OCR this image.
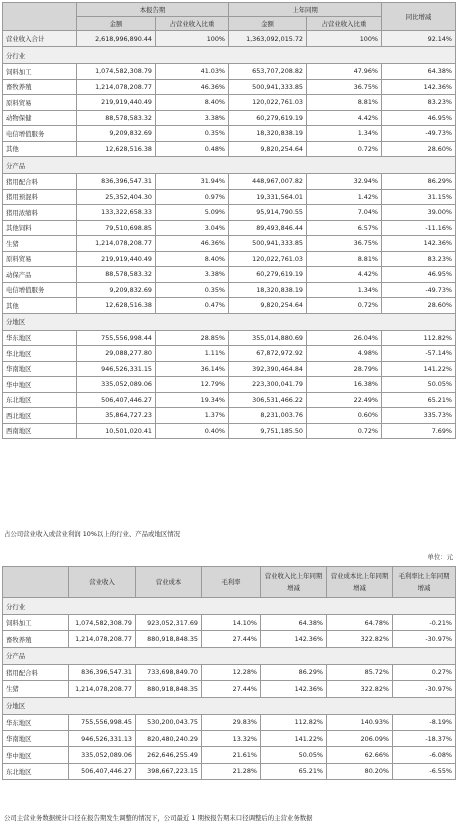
	本报告期		上年同期		同比增减
	金额	占营业收入比重	金额	占营业收入比重	
营业收入合计	2,618,996,890.44	100%	1,363,092,015.72	100%	92.14%
分行业					
饲料加工	1,074,582,308.79	41.03%	653,707,208.82	47.96%	64.38%
畜牧养殖	1,214,078,208.77	46.36%	500,941,333.85	36.75%	142.36%
原料贸易	219,919,440.49	8.40%	120,022,761.03	8.81%	83.23%
动物保健	88,578,583.32	3.38%	60,279,619.19	4.42%	46.95%
电信增值服务	9,209,832.69	0.35%	18,320,838.19	1.34%	-49.73%
其他	12,628,516.38	0.48%	9,820,254.64	0.72%	28.60%
分产品					
猪用配合料	836,396,547.31	31.94%	448,967,007.82	32.94%	86.29%
猪用预混料	25,352,404.30	0.97%	19,331,564.01	1.42%	31.15%
猪用浓缩料	133,322,658.33	5.09%	95,914,790.55	7.04%	39.00%
其他饲料	79,510,698.85	3.04%	89,493,846.44	6.57%	-11.16%
生猪	1,214,078,208.77	46.36%	500,941,333.85	36.75%	142.36%
原料贸易	219,919,440.49	8.40%	120,022,761.03	8.81%	83.23%
动保产品	88,578,583.32	3.38%	60,279,619.19	4.42%	46.95%
电信增值服务	9,209,832.69	0.35%	18,320,838.19	1.34%	-49.73%
其他	12,628,516.38	0.47%	9,820,254.64	0.72%	28.60%
分地区					
华东地区	755,556,998.44	28.85%	355,014,880.69	26.04%	112.82%
华北地区	29,088,277.80	1.11%	67,872,972.92	4.98%	-57.14%
华南地区	946,526,331.15	36.14%	392,390,464.84	28.79%	141.22%
华中地区	335,052,089.06	12.79%	223,300,041.79	16.38%	50.05%
东北地区	506,407,446.27	19.34%	306,531,466.22	22.49%	65.21%
西北地区	35,864,727.23	1.37%	8,231,003.76	0.60%	335.73%
西南地区	10,501,020.41	0.40%	9,751,185.50	0.72%	7.69%
占公司营业收入或营业利润 10%以上的行业、产品或地区情况
单位：元
	营业收入	营业成本	毛利率	营业收入比上年同期增减	营业成本比上年同期增减	毛利率比上年同期增减
分行业						
饲料加工	1,074,582,308.79	923,052,317.69	14.10%	64.38%	64.78%	-0.21%
畜牧养殖	1,214,078,208.77	880,918,848.35	27.44%	142.36%	322.82%	-30.97%
分产品						
猪用配合料	836,396,547.31	733,698,849.70	12.28%	86.29%	85.72%	0.27%
生猪	1,214,078,208.77	880,918,848.35	27.44%	142.36%	322.82%	-30.97%
分地区						
华东地区	755,556,998.45	530,200,043.75	29.83%	112.82%	140.93%	-8.19%
华南地区	946,526,331.13	820,480,240.29	13.32%	141.22%	206.09%	-18.37%
华中地区	335,052,089.06	262,646,255.49	21.61%	50.05%	62.66%	-6.08%
东北地区	506,407,446.27	398,667,223.15	21.28%	65.21%	80.20%	-6.55%
公司主营业务数据统计口径在报告期发生调整的情况下，公司最近 1 期按报告期末口径调整后的主营业务数据
